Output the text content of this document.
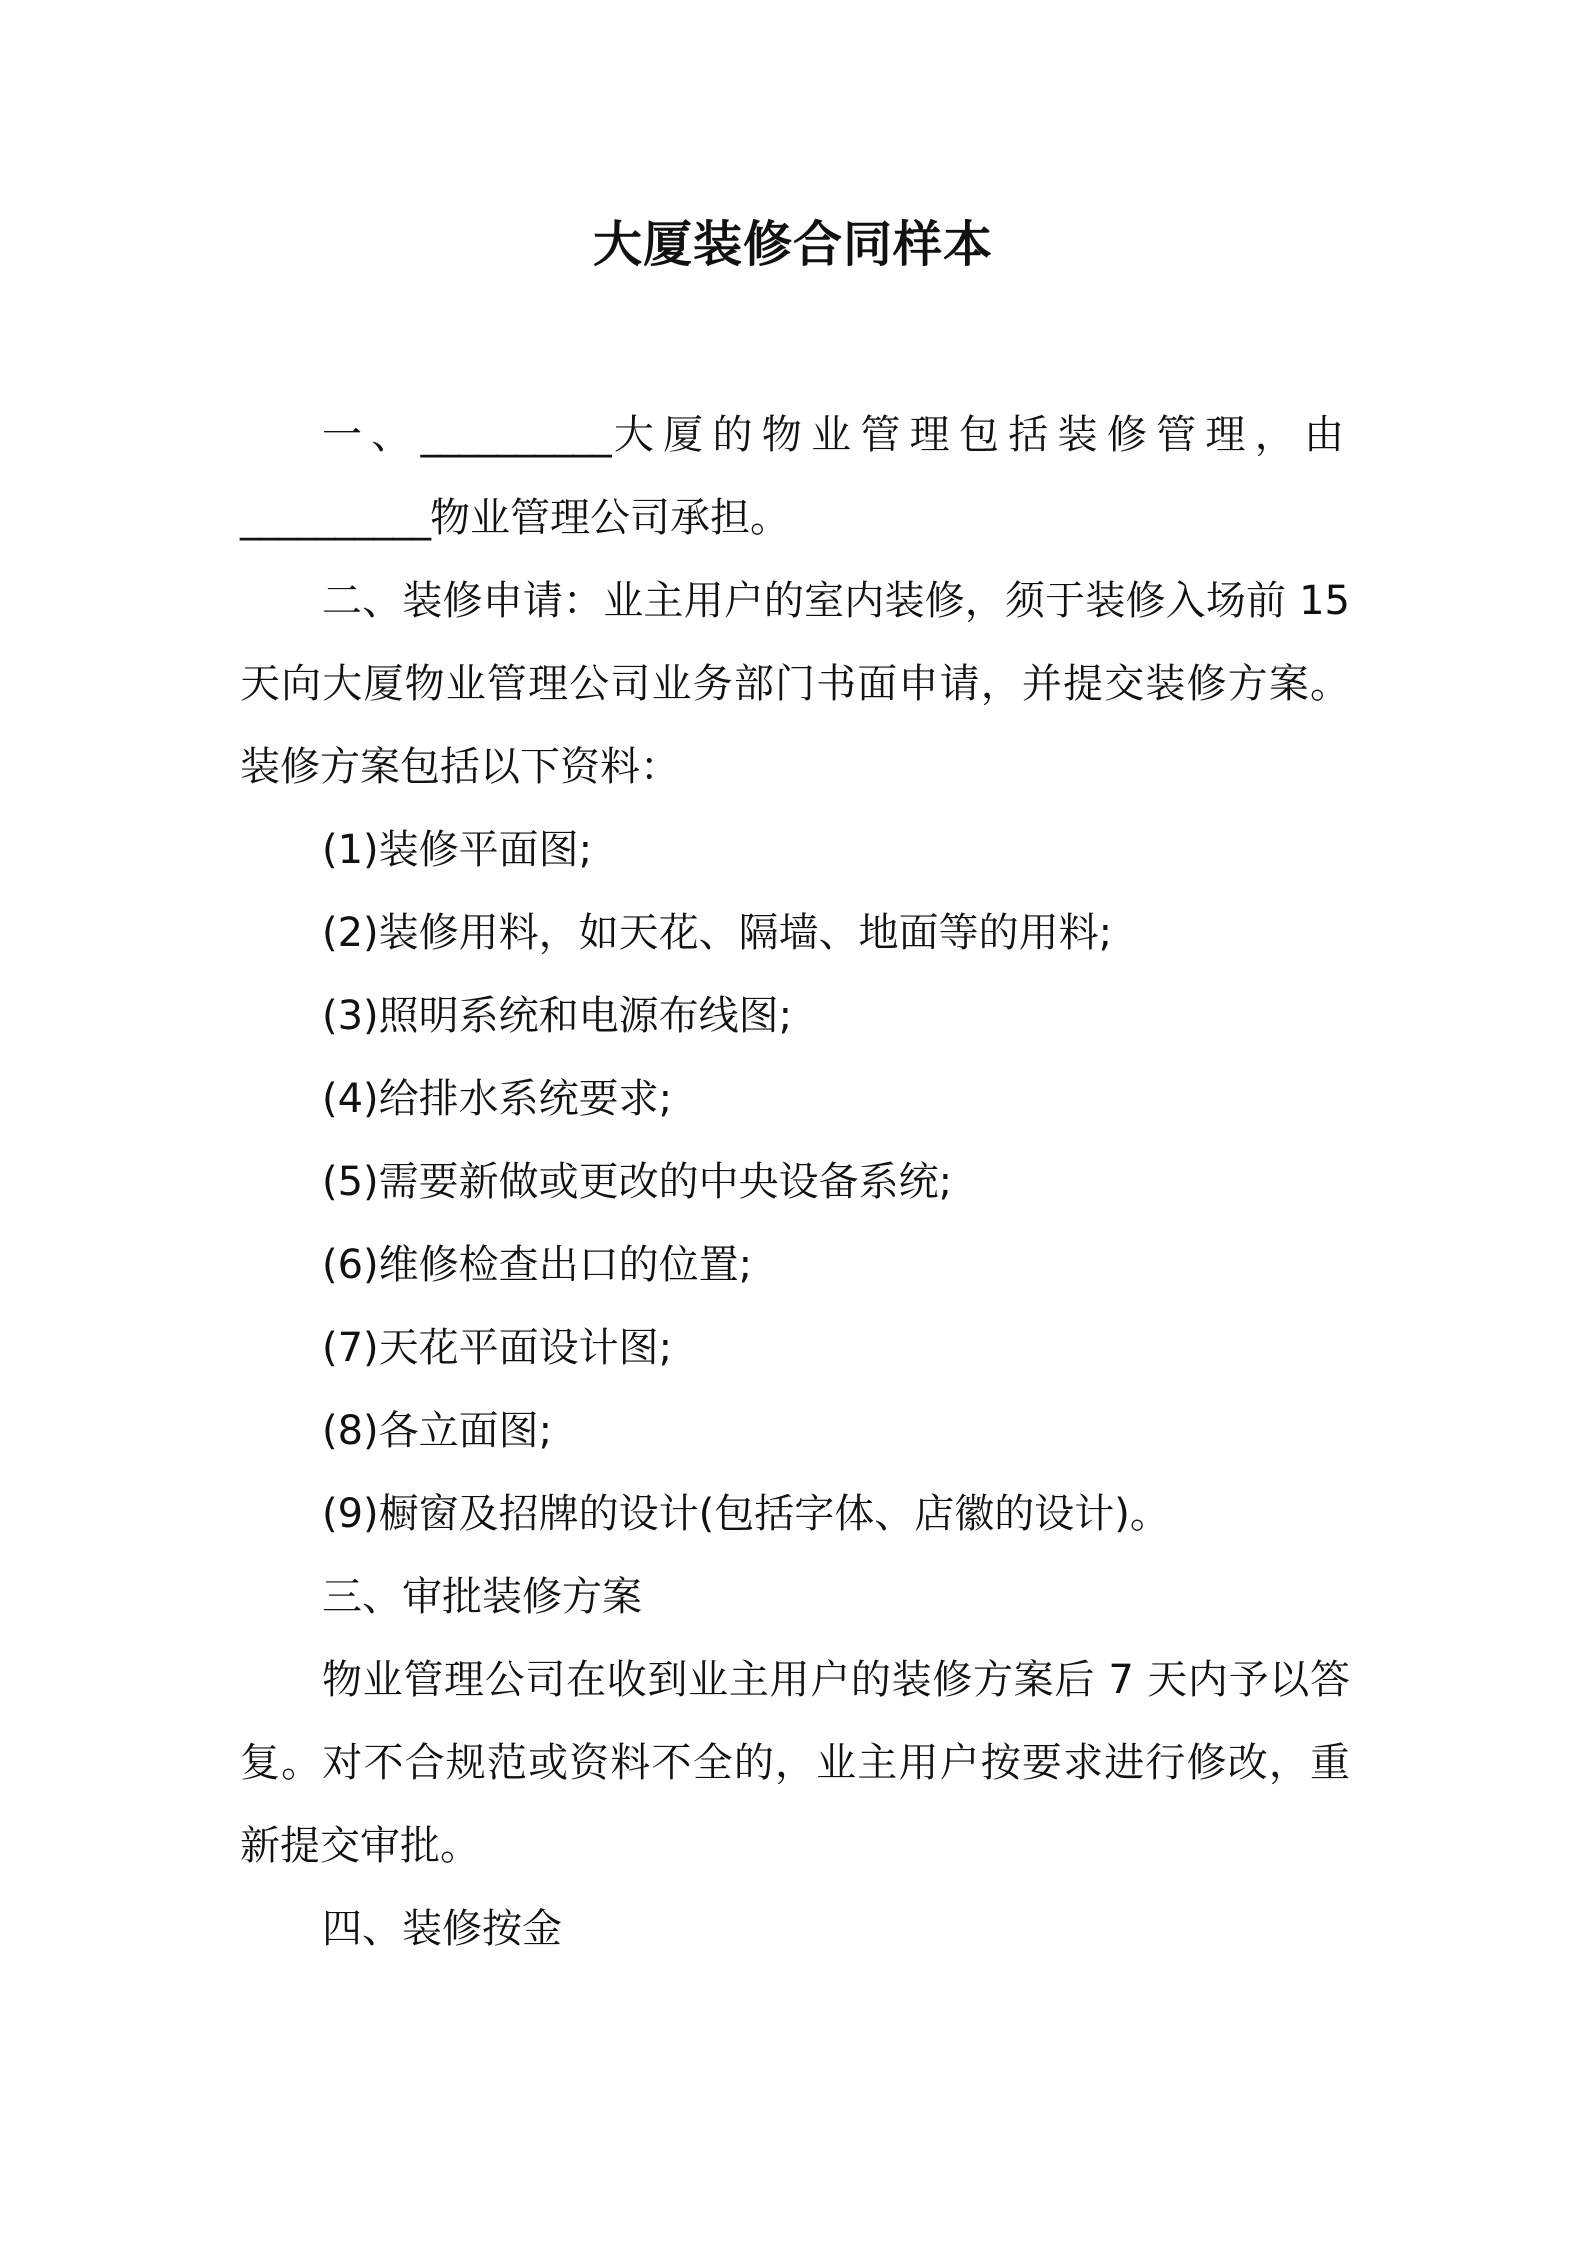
大厦装修合同样本

一、__________大厦的物业管理包括装修管理，由__________物业管理公司承担。

二、装修申请：业主用户的室内装修，须于装修入场前 15 天向大厦物业管理公司业务部门书面申请，并提交装修方案。装修方案包括以下资料：

(1)装修平面图;

(2)装修用料，如天花、隔墙、地面等的用料;

(3)照明系统和电源布线图;

(4)给排水系统要求;

(5)需要新做或更改的中央设备系统;

(6)维修检查出口的位置;

(7)天花平面设计图;

(8)各立面图;

(9)橱窗及招牌的设计(包括字体、店徽的设计)。

三、审批装修方案

物业管理公司在收到业主用户的装修方案后 7 天内予以答复。对不合规范或资料不全的，业主用户按要求进行修改，重新提交审批。

四、装修按金
